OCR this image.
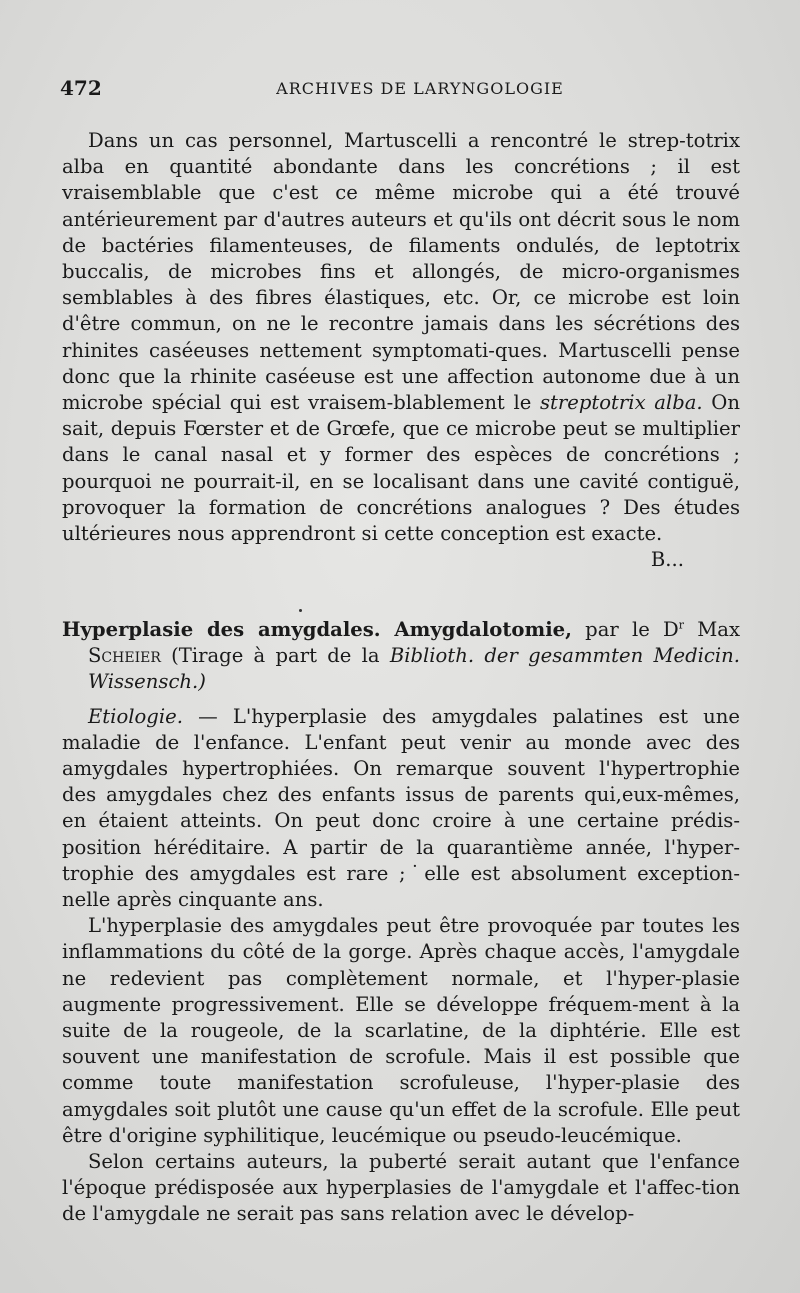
472	ARCHIVES DE LARYNGOLOGIE

Dans un cas personnel, Martuscelli a rencontré le strep-totrix alba en quantité abondante dans les concrétions ; il est vraisemblable que c'est ce même microbe qui a été trouvé antérieurement par d'autres auteurs et qu'ils ont décrit sous le nom de bactéries filamenteuses, de filaments ondulés, de leptotrix buccalis, de microbes fins et allongés, de micro-organismes semblables à des fibres élastiques, etc. Or, ce microbe est loin d'être commun, on ne le recontre jamais dans les sécrétions des rhinites caséeuses nettement symptomati-ques. Martuscelli pense donc que la rhinite caséeuse est une affection autonome due à un microbe spécial qui est vraisem-blablement le streptotrix alba. On sait, depuis Fœrster et de Grœfe, que ce microbe peut se multiplier dans le canal nasal et y former des espèces de concrétions ; pourquoi ne pourrait-il, en se localisant dans une cavité contiguë, provoquer la formation de concrétions analogues ? Des études ultérieures nous apprendront si cette conception est exacte.

B...

Hyperplasie des amygdales. Amygdalotomie, par le $D^r$ Max Scheier (Tirage à part de la Biblioth. der gesammten Medicin. Wissensch.)

Etiologie. — L'hyperplasie des amygdales palatines est une maladie de l'enfance. L'enfant peut venir au monde avec des amygdales hypertrophiées. On remarque souvent l'hypertrophie des amygdales chez des enfants issus de parents qui,eux-mêmes, en étaient atteints. On peut donc croire à une certaine prédis-position héréditaire. A partir de la quarantième année, l'hyper-trophie des amygdales est rare ;˙elle est absolument exception-nelle après cinquante ans.

L'hyperplasie des amygdales peut être provoquée par toutes les inflammations du côté de la gorge. Après chaque accès, l'amygdale ne redevient pas complètement normale, et l'hyper-plasie augmente progressivement. Elle se développe fréquem-ment à la suite de la rougeole, de la scarlatine, de la diphtérie. Elle est souvent une manifestation de scrofule. Mais il est possible que comme toute manifestation scrofuleuse, l'hyper-plasie des amygdales soit plutôt une cause qu'un effet de la scrofule. Elle peut être d'origine syphilitique, leucémique ou pseudo-leucémique.

Selon certains auteurs, la puberté serait autant que l'enfance l'époque prédisposée aux hyperplasies de l'amygdale et l'affec-tion de l'amygdale ne serait pas sans relation avec le dévelop-
